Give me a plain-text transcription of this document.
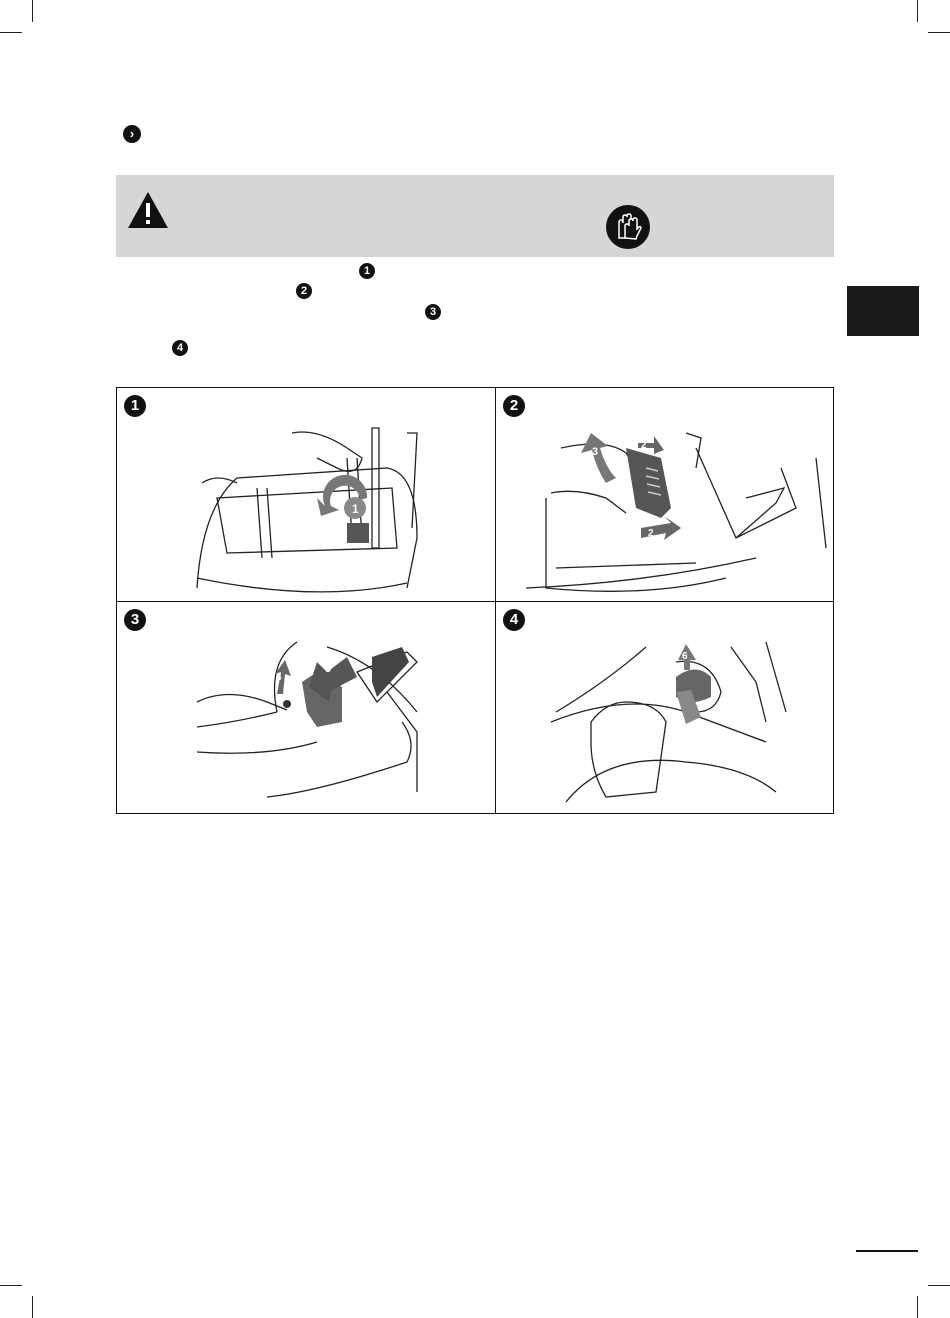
›
1
2
3
4
1
1
2
3
2
2
3
5
4
4
6
